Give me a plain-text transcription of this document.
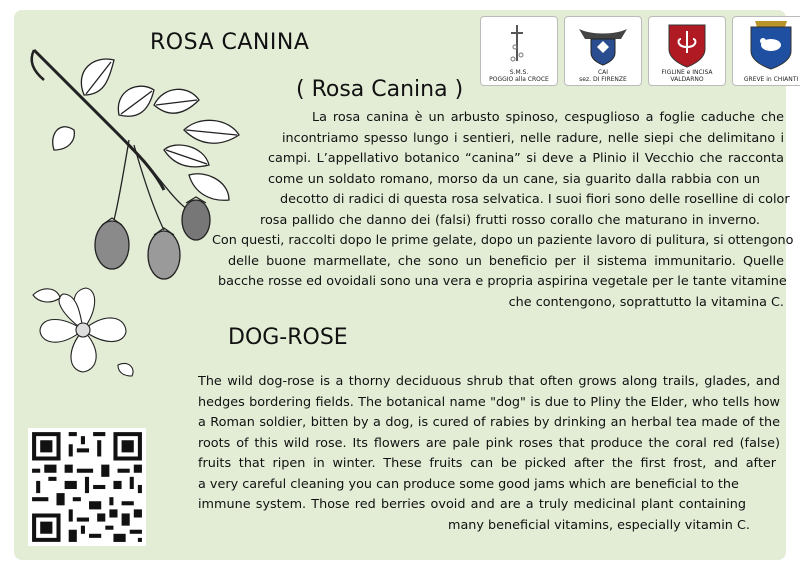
S.M.S.
POGGIO alla CROCE
CAI
sez. DI FIRENZE
FIGLINE e INCISA
VALDARNO	GREVE in CHIANTI
ROSA CANINA
( Rosa Canina )
La rosa canina è un arbusto spinoso, cespuglioso a foglie caduche che
incontriamo spesso lungo i sentieri, nelle radure, nelle siepi che delimitano i
campi. L’appellativo botanico “canina” si deve a Plinio il Vecchio che racconta
come un soldato romano, morso da un cane, sia guarito dalla rabbia con un
decotto di radici di questa rosa selvatica. I suoi fiori sono delle roselline di color
rosa pallido che danno dei (falsi) frutti rosso corallo che maturano in inverno.
Con questi, raccolti dopo le prime gelate, dopo un paziente lavoro di pulitura, si ottengono
delle buone marmellate, che sono un beneficio per il sistema immunitario. Quelle
bacche rosse ed ovoidali sono una vera e propria aspirina vegetale per le tante vitamine
che contengono, soprattutto la vitamina C.
DOG-ROSE
The wild dog-rose is a thorny deciduous shrub that often grows along trails, glades, and
hedges bordering fields. The botanical name "dog" is due to Pliny the Elder, who tells how
a Roman soldier, bitten by a dog, is cured of rabies by drinking an herbal tea made of the
roots of this wild rose. Its flowers are pale pink roses that produce the coral red (false)
fruits that ripen in winter. These fruits can be picked after the first frost, and after
a very careful cleaning you can produce some good jams which are beneficial to the
immune system. Those red berries ovoid and are a truly medicinal plant containing
many beneficial vitamins, especially vitamin C.
